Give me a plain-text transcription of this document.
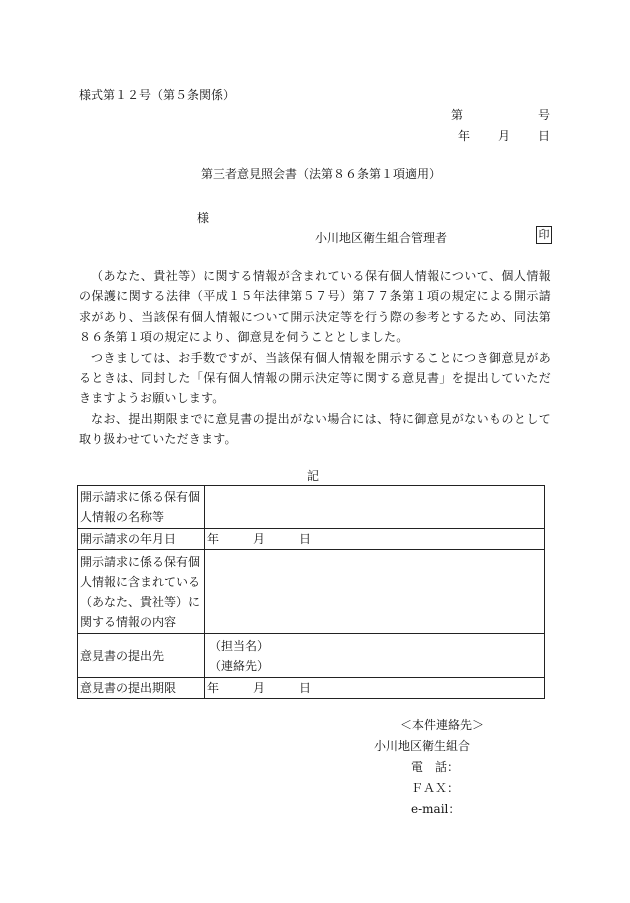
様式第１２号（第５条関係）
第	号
年 月 日
第三者意見照会書（法第８６条第１項適用）
様
小川地区衛生組合管理者	印

（あなた、貴社等）に関する情報が含まれている保有個人情報について、個人情報の保護に関する法律（平成１５年法律第５７号）第７７条第１項の規定による開示請求があり、当該保有個人情報について開示決定等を行う際の参考とするため、同法第８６条第１項の規定により、御意見を伺うこととしました。

つきましては、お手数ですが、当該保有個人情報を開示することにつき御意見があるときは、同封した「保有個人情報の開示決定等に関する意見書」を提出していただきますようお願いします。

なお、提出期限までに意見書の提出がない場合には、特に御意見がないものとして取り扱わせていただきます。

記
開示請求に係る保有個人情報の名称等	
開示請求の年月日	年 月 日
開示請求に係る保有個人情報に含まれている（あなた、貴社等）に関する情報の内容	
意見書の提出先	（担当名）
（連絡先）

意見書の提出期限	年 月 日
＜本件連絡先＞
小川地区衛生組合
電　話：
ＦＡＸ：
e-mail：
